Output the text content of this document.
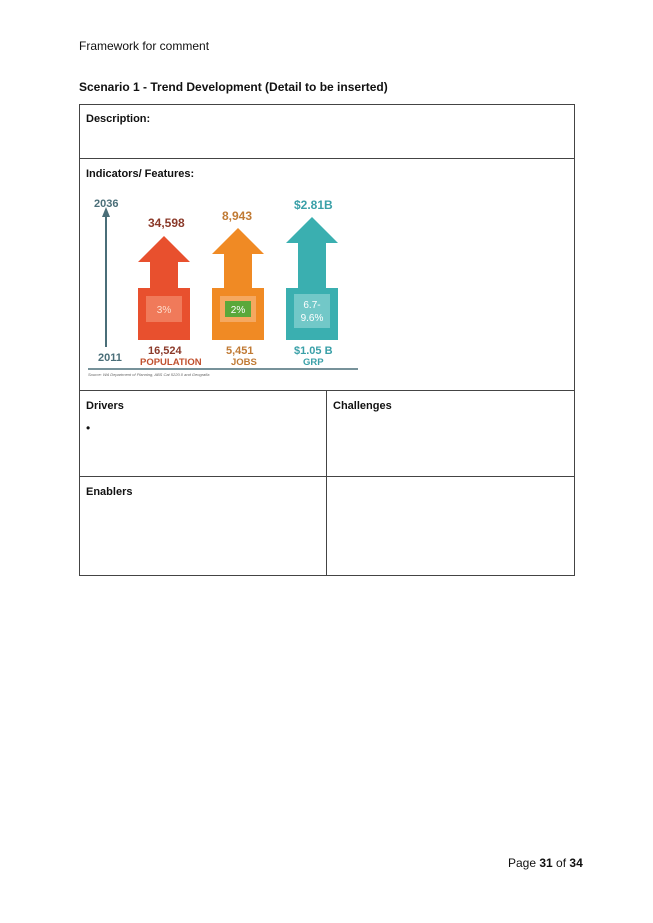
Framework for comment
Scenario 1 - Trend Development (Detail to be inserted)
Description:
Indicators/ Features:
2036
2011
3%
34,598
16,524
POPULATION
2%
8,943
5,451
JOBS
6.7-
9.6%
$2.81B
$1.05 B
GRP
Source: WA Department of Planning, ABS Cat 5220.0 and Geografia
Drivers
•
Challenges
Enablers
Page 31 of 34
